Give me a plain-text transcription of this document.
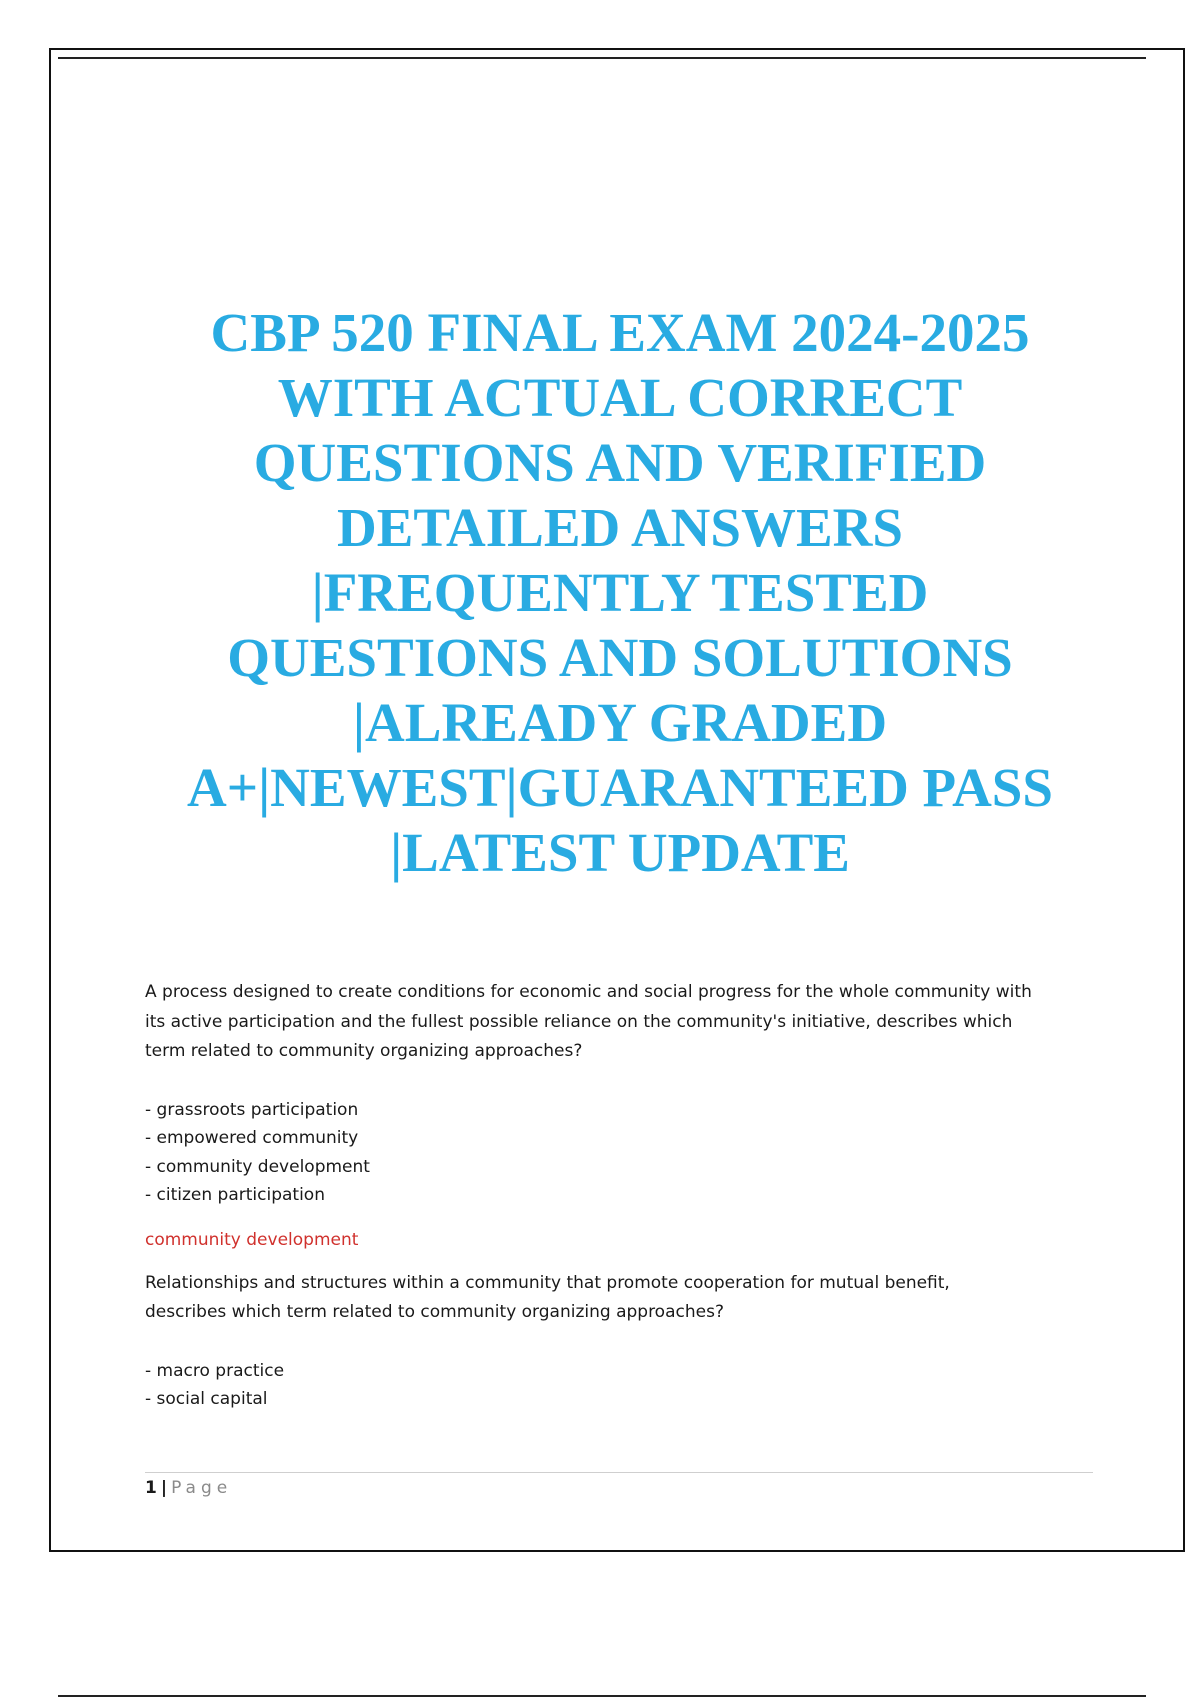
CBP 520 FINAL EXAM 2024-2025
WITH ACTUAL CORRECT
QUESTIONS AND VERIFIED
DETAILED ANSWERS
|FREQUENTLY TESTED
QUESTIONS AND SOLUTIONS
|ALREADY GRADED
A+|NEWEST|GUARANTEED PASS
|LATEST UPDATE

A process designed to create conditions for economic and social progress for the whole community with
its active participation and the fullest possible reliance on the community's initiative, describes which
term related to community organizing approaches?

- grassroots participation
- empowered community
- community development
- citizen participation

community development

Relationships and structures within a community that promote cooperation for mutual benefit,
describes which term related to community organizing approaches?

- macro practice
- social capital
1 | Page
